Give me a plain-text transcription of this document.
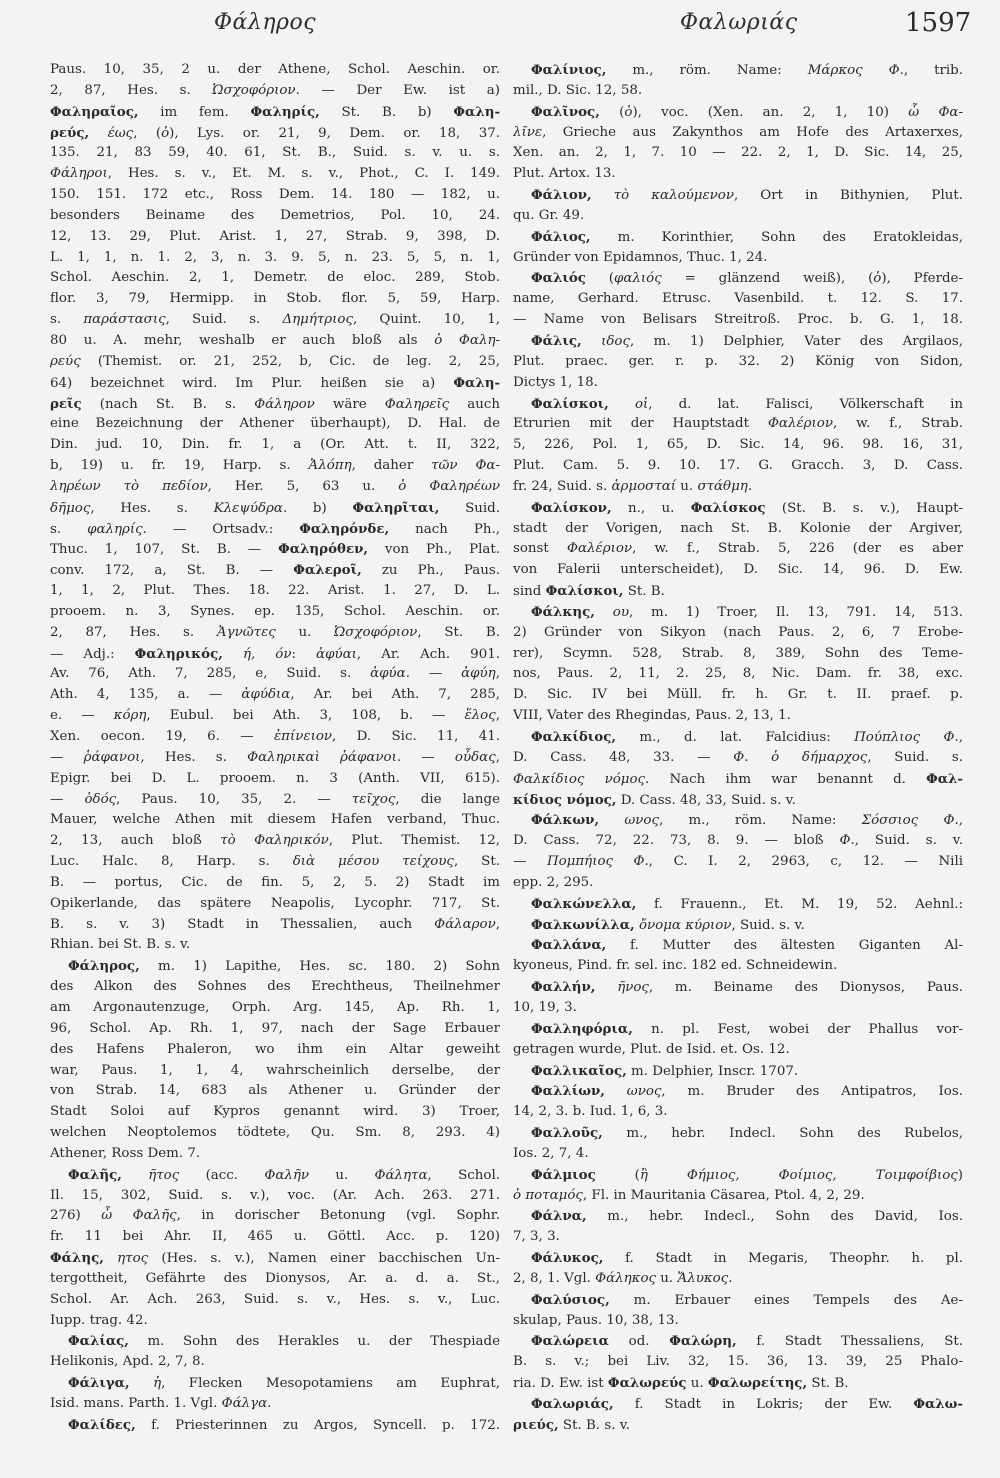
Φάληρος	Φαλωριάς	1597
Paus. 10, 35, 2 u. der Athene, Schol. Aeschin. or.
2, 87, Hes. s. Ὠσχοφόριον. — Der Ew. ist a)
Φαληραῖος, im fem. Φαληρίς, St. B. b) Φαλη-
ρεύς, έως, (ὁ), Lys. or. 21, 9, Dem. or. 18, 37.
135. 21, 83 59, 40. 61, St. B., Suid. s. v. u. s.
Φάληροι, Hes. s. v., Et. M. s. v., Phot., C. I. 149.
150. 151. 172 etc., Ross Dem. 14. 180 — 182, u.
besonders Beiname des Demetrios, Pol. 10, 24.
12, 13. 29, Plut. Arist. 1, 27, Strab. 9, 398, D.
L. 1, 1, n. 1. 2, 3, n. 3. 9. 5, n. 23. 5, 5, n. 1,
Schol. Aeschin. 2, 1, Demetr. de eloc. 289, Stob.
flor. 3, 79, Hermipp. in Stob. flor. 5, 59, Harp.
s. παράστασις, Suid. s. Δημήτριος, Quint. 10, 1,
80 u. A. mehr, weshalb er auch bloß als ὁ Φαλη-
ρεύς (Themist. or. 21, 252, b, Cic. de leg. 2, 25,
64) bezeichnet wird. Im Plur. heißen sie a) Φαλη-
ρεῖς (nach St. B. s. Φάληρον wäre Φαληρεῖς auch
eine Bezeichnung der Athener überhaupt), D. Hal. de
Din. jud. 10, Din. fr. 1, a (Or. Att. t. II, 322,
b, 19) u. fr. 19, Harp. s. Ἀλόπη, daher τῶν Φα-
ληρέων τὸ πεδίον, Her. 5, 63 u. ὁ Φαληρέων
δῆμος, Hes. s. Κλεψύδρα. b) Φαληρῖται, Suid.
s. φαληρίς. — Ortsadv.: Φαληρόνδε, nach Ph.,
Thuc. 1, 107, St. B. — Φαληρόθεν, von Ph., Plat.
conv. 172, a, St. B. — Φαλεροῖ, zu Ph., Paus.
1, 1, 2, Plut. Thes. 18. 22. Arist. 1. 27, D. L.
prooem. n. 3, Synes. ep. 135, Schol. Aeschin. or.
2, 87, Hes. s. Ἀγνῶτες u. Ὠσχοφόριον, St. B.
— Adj.: Φαληρικός, ή, όν: ἀφύαι, Ar. Ach. 901.
Av. 76, Ath. 7, 285, e, Suid. s. ἀφύα. — ἀφύη,
Ath. 4, 135, a. — ἀφύδια, Ar. bei Ath. 7, 285,
e. — κόρη, Eubul. bei Ath. 3, 108, b. — ἕλος,
Xen. oecon. 19, 6. — ἐπίνειον, D. Sic. 11, 41.
— ῥάφανοι, Hes. s. Φαληρικαὶ ῥάφανοι. — οὖδας,
Epigr. bei D. L. prooem. n. 3 (Anth. VII, 615).
— ὁδός, Paus. 10, 35, 2. — τεῖχος, die lange
Mauer, welche Athen mit diesem Hafen verband, Thuc.
2, 13, auch bloß τὸ Φαληρικόν, Plut. Themist. 12,
Luc. Halc. 8, Harp. s. διὰ μέσου τείχους, St.
B. — portus, Cic. de fin. 5, 2, 5. 2) Stadt im
Opikerlande, das spätere Neapolis, Lycophr. 717, St.
B. s. v. 3) Stadt in Thessalien, auch Φάλαρον,
Rhian. bei St. B. s. v.
Φάληρος, m. 1) Lapithe, Hes. sc. 180. 2) Sohn
des Alkon des Sohnes des Erechtheus, Theilnehmer
am Argonautenzuge, Orph. Arg. 145, Ap. Rh. 1,
96, Schol. Ap. Rh. 1, 97, nach der Sage Erbauer
des Hafens Phaleron, wo ihm ein Altar geweiht
war, Paus. 1, 1, 4, wahrscheinlich derselbe, der
von Strab. 14, 683 als Athener u. Gründer der
Stadt Soloi auf Kypros genannt wird. 3) Troer,
welchen Neoptolemos tödtete, Qu. Sm. 8, 293. 4)
Athener, Ross Dem. 7.
Φαλῆς, ῆτος (acc. Φαλῆν u. Φάλητα, Schol.
Il. 15, 302, Suid. s. v.), voc. (Ar. Ach. 263. 271.
276) ὦ Φαλῆς, in dorischer Betonung (vgl. Sophr.
fr. 11 bei Ahr. II, 465 u. Göttl. Acc. p. 120)
Φάλης, ητος (Hes. s. v.), Namen einer bacchischen Un-
tergottheit, Gefährte des Dionysos, Ar. a. d. a. St.,
Schol. Ar. Ach. 263, Suid. s. v., Hes. s. v., Luc.
Iupp. trag. 42.
Φαλίας, m. Sohn des Herakles u. der Thespiade
Helikonis, Apd. 2, 7, 8.
Φάλιγα, ἡ, Flecken Mesopotamiens am Euphrat,
Isid. mans. Parth. 1. Vgl. Φάλγα.
Φαλίδες, f. Priesterinnen zu Argos, Syncell. p. 172.
Φαλίνιος, m., röm. Name: Μάρκος Φ., trib.
mil., D. Sic. 12, 58.
Φαλῖνος, (ὁ), voc. (Xen. an. 2, 1, 10) ὦ Φα-
λῖνε, Grieche aus Zakynthos am Hofe des Artaxerxes,
Xen. an. 2, 1, 7. 10 — 22. 2, 1, D. Sic. 14, 25,
Plut. Artox. 13.
Φάλιον, τὸ καλούμενον, Ort in Bithynien, Plut.
qu. Gr. 49.
Φάλιος, m. Korinthier, Sohn des Eratokleidas,
Gründer von Epidamnos, Thuc. 1, 24.
Φαλιός (φαλιός = glänzend weiß), (ὁ), Pferde-
name, Gerhard. Etrusc. Vasenbild. t. 12. S. 17.
— Name von Belisars Streitroß. Proc. b. G. 1, 18.
Φάλις, ιδος, m. 1) Delphier, Vater des Argilaos,
Plut. praec. ger. r. p. 32. 2) König von Sidon,
Dictys 1, 18.
Φαλίσκοι, οἱ, d. lat. Falisci, Völkerschaft in
Etrurien mit der Hauptstadt Φαλέριον, w. f., Strab.
5, 226, Pol. 1, 65, D. Sic. 14, 96. 98. 16, 31,
Plut. Cam. 5. 9. 10. 17. G. Gracch. 3, D. Cass.
fr. 24, Suid. s. ἁρμοσταί u. στάθμη.
Φαλίσκον, n., u. Φαλίσκος (St. B. s. v.), Haupt-
stadt der Vorigen, nach St. B. Kolonie der Argiver,
sonst Φαλέριον, w. f., Strab. 5, 226 (der es aber
von Falerii unterscheidet), D. Sic. 14, 96. D. Ew.
sind Φαλίσκοι, St. B.
Φάλκης, ου, m. 1) Troer, Il. 13, 791. 14, 513.
2) Gründer von Sikyon (nach Paus. 2, 6, 7 Erobe-
rer), Scymn. 528, Strab. 8, 389, Sohn des Teme-
nos, Paus. 2, 11, 2. 25, 8, Nic. Dam. fr. 38, exc.
D. Sic. IV bei Müll. fr. h. Gr. t. II. praef. p.
VIII, Vater des Rhegindas, Paus. 2, 13, 1.
Φαλκίδιος, m., d. lat. Falcidius: Πούπλιος Φ.,
D. Cass. 48, 33. — Φ. ὁ δήμαρχος, Suid. s.
Φαλκίδιος νόμος. Nach ihm war benannt d. Φαλ-
κίδιος νόμος, D. Cass. 48, 33, Suid. s. v.
Φάλκων, ωνος, m., röm. Name: Σόσσιος Φ.,
D. Cass. 72, 22. 73, 8. 9. — bloß Φ., Suid. s. v.
— Πομπήιος Φ., C. I. 2, 2963, c, 12. — Nili
epp. 2, 295.
Φαλκώνελλα, f. Frauenn., Et. M. 19, 52. Aehnl.:
Φαλκωνίλλα, ὄνομα κύριον, Suid. s. v.
Φαλλάνα, f. Mutter des ältesten Giganten Al-
kyoneus, Pind. fr. sel. inc. 182 ed. Schneidewin.
Φαλλήν, ῆνος, m. Beiname des Dionysos, Paus.
10, 19, 3.
Φαλληφόρια, n. pl. Fest, wobei der Phallus vor-
getragen wurde, Plut. de Isid. et. Os. 12.
Φαλλικαῖος, m. Delphier, Inscr. 1707.
Φαλλίων, ωνος, m. Bruder des Antipatros, Ios.
14, 2, 3. b. Iud. 1, 6, 3.
Φαλλοῦς, m., hebr. Indecl. Sohn des Rubelos,
Ios. 2, 7, 4.
Φάλμιος (ἢ Φήμιος, Φοίμιος, Τοιμφοίβιος)
ὁ ποταμός, Fl. in Mauritania Cäsarea, Ptol. 4, 2, 29.
Φάλνα, m., hebr. Indecl., Sohn des David, Ios.
7, 3, 3.
Φάλυκος, f. Stadt in Megaris, Theophr. h. pl.
2, 8, 1. Vgl. Φάληκος u. Ἄλυκος.
Φαλύσιος, m. Erbauer eines Tempels des Ae-
skulap, Paus. 10, 38, 13.
Φαλώρεια od. Φαλώρη, f. Stadt Thessaliens, St.
B. s. v.; bei Liv. 32, 15. 36, 13. 39, 25 Phalo-
ria. D. Ew. ist Φαλωρεύς u. Φαλωρείτης, St. B.
Φαλωριάς, f. Stadt in Lokris; der Ew. Φαλω-
ριεύς, St. B. s. v.
